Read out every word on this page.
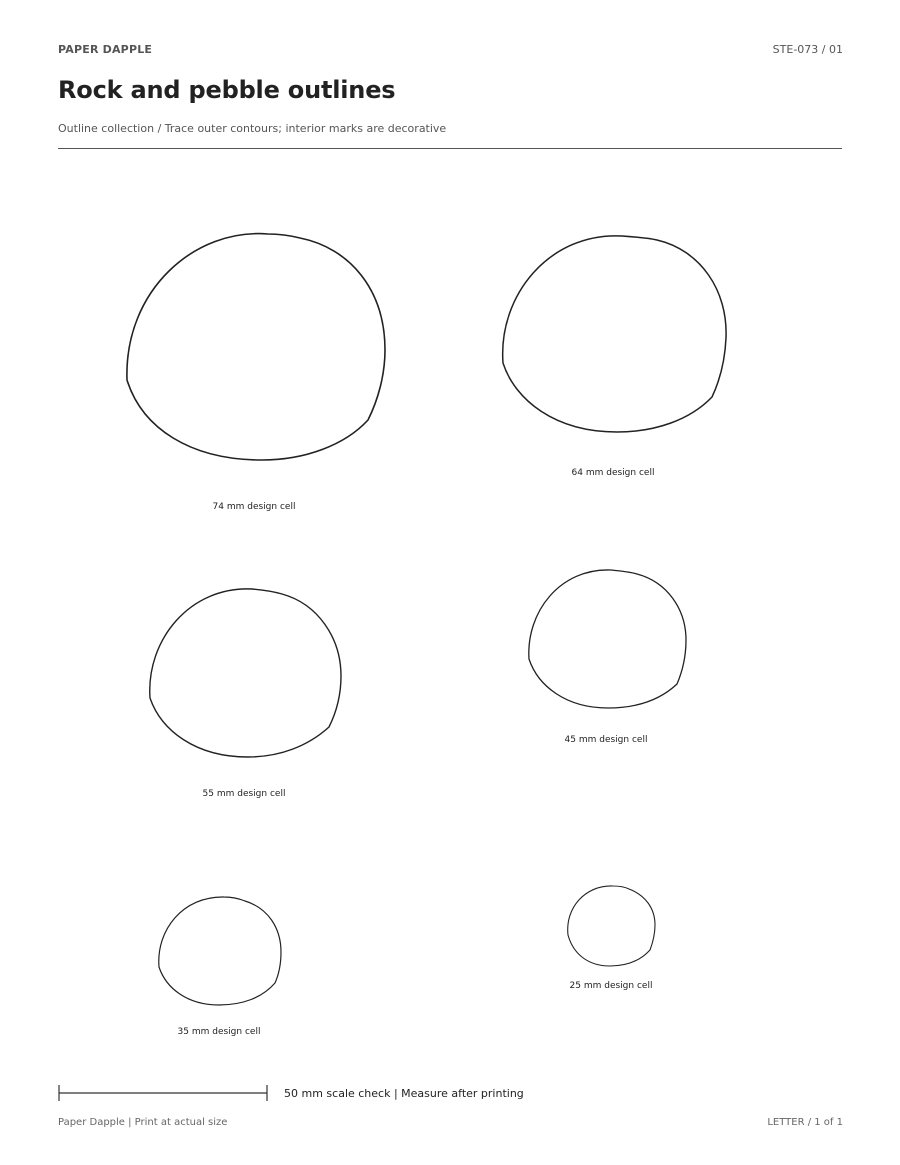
PAPER DAPPLE	STE-073 / 01
Rock and pebble outlines
Outline collection / Trace outer contours; interior marks are decorative
74 mm design cell
64 mm design cell
55 mm design cell
45 mm design cell
35 mm design cell
25 mm design cell
50 mm scale check | Measure after printing
Paper Dapple | Print at actual size	LETTER / 1 of 1
